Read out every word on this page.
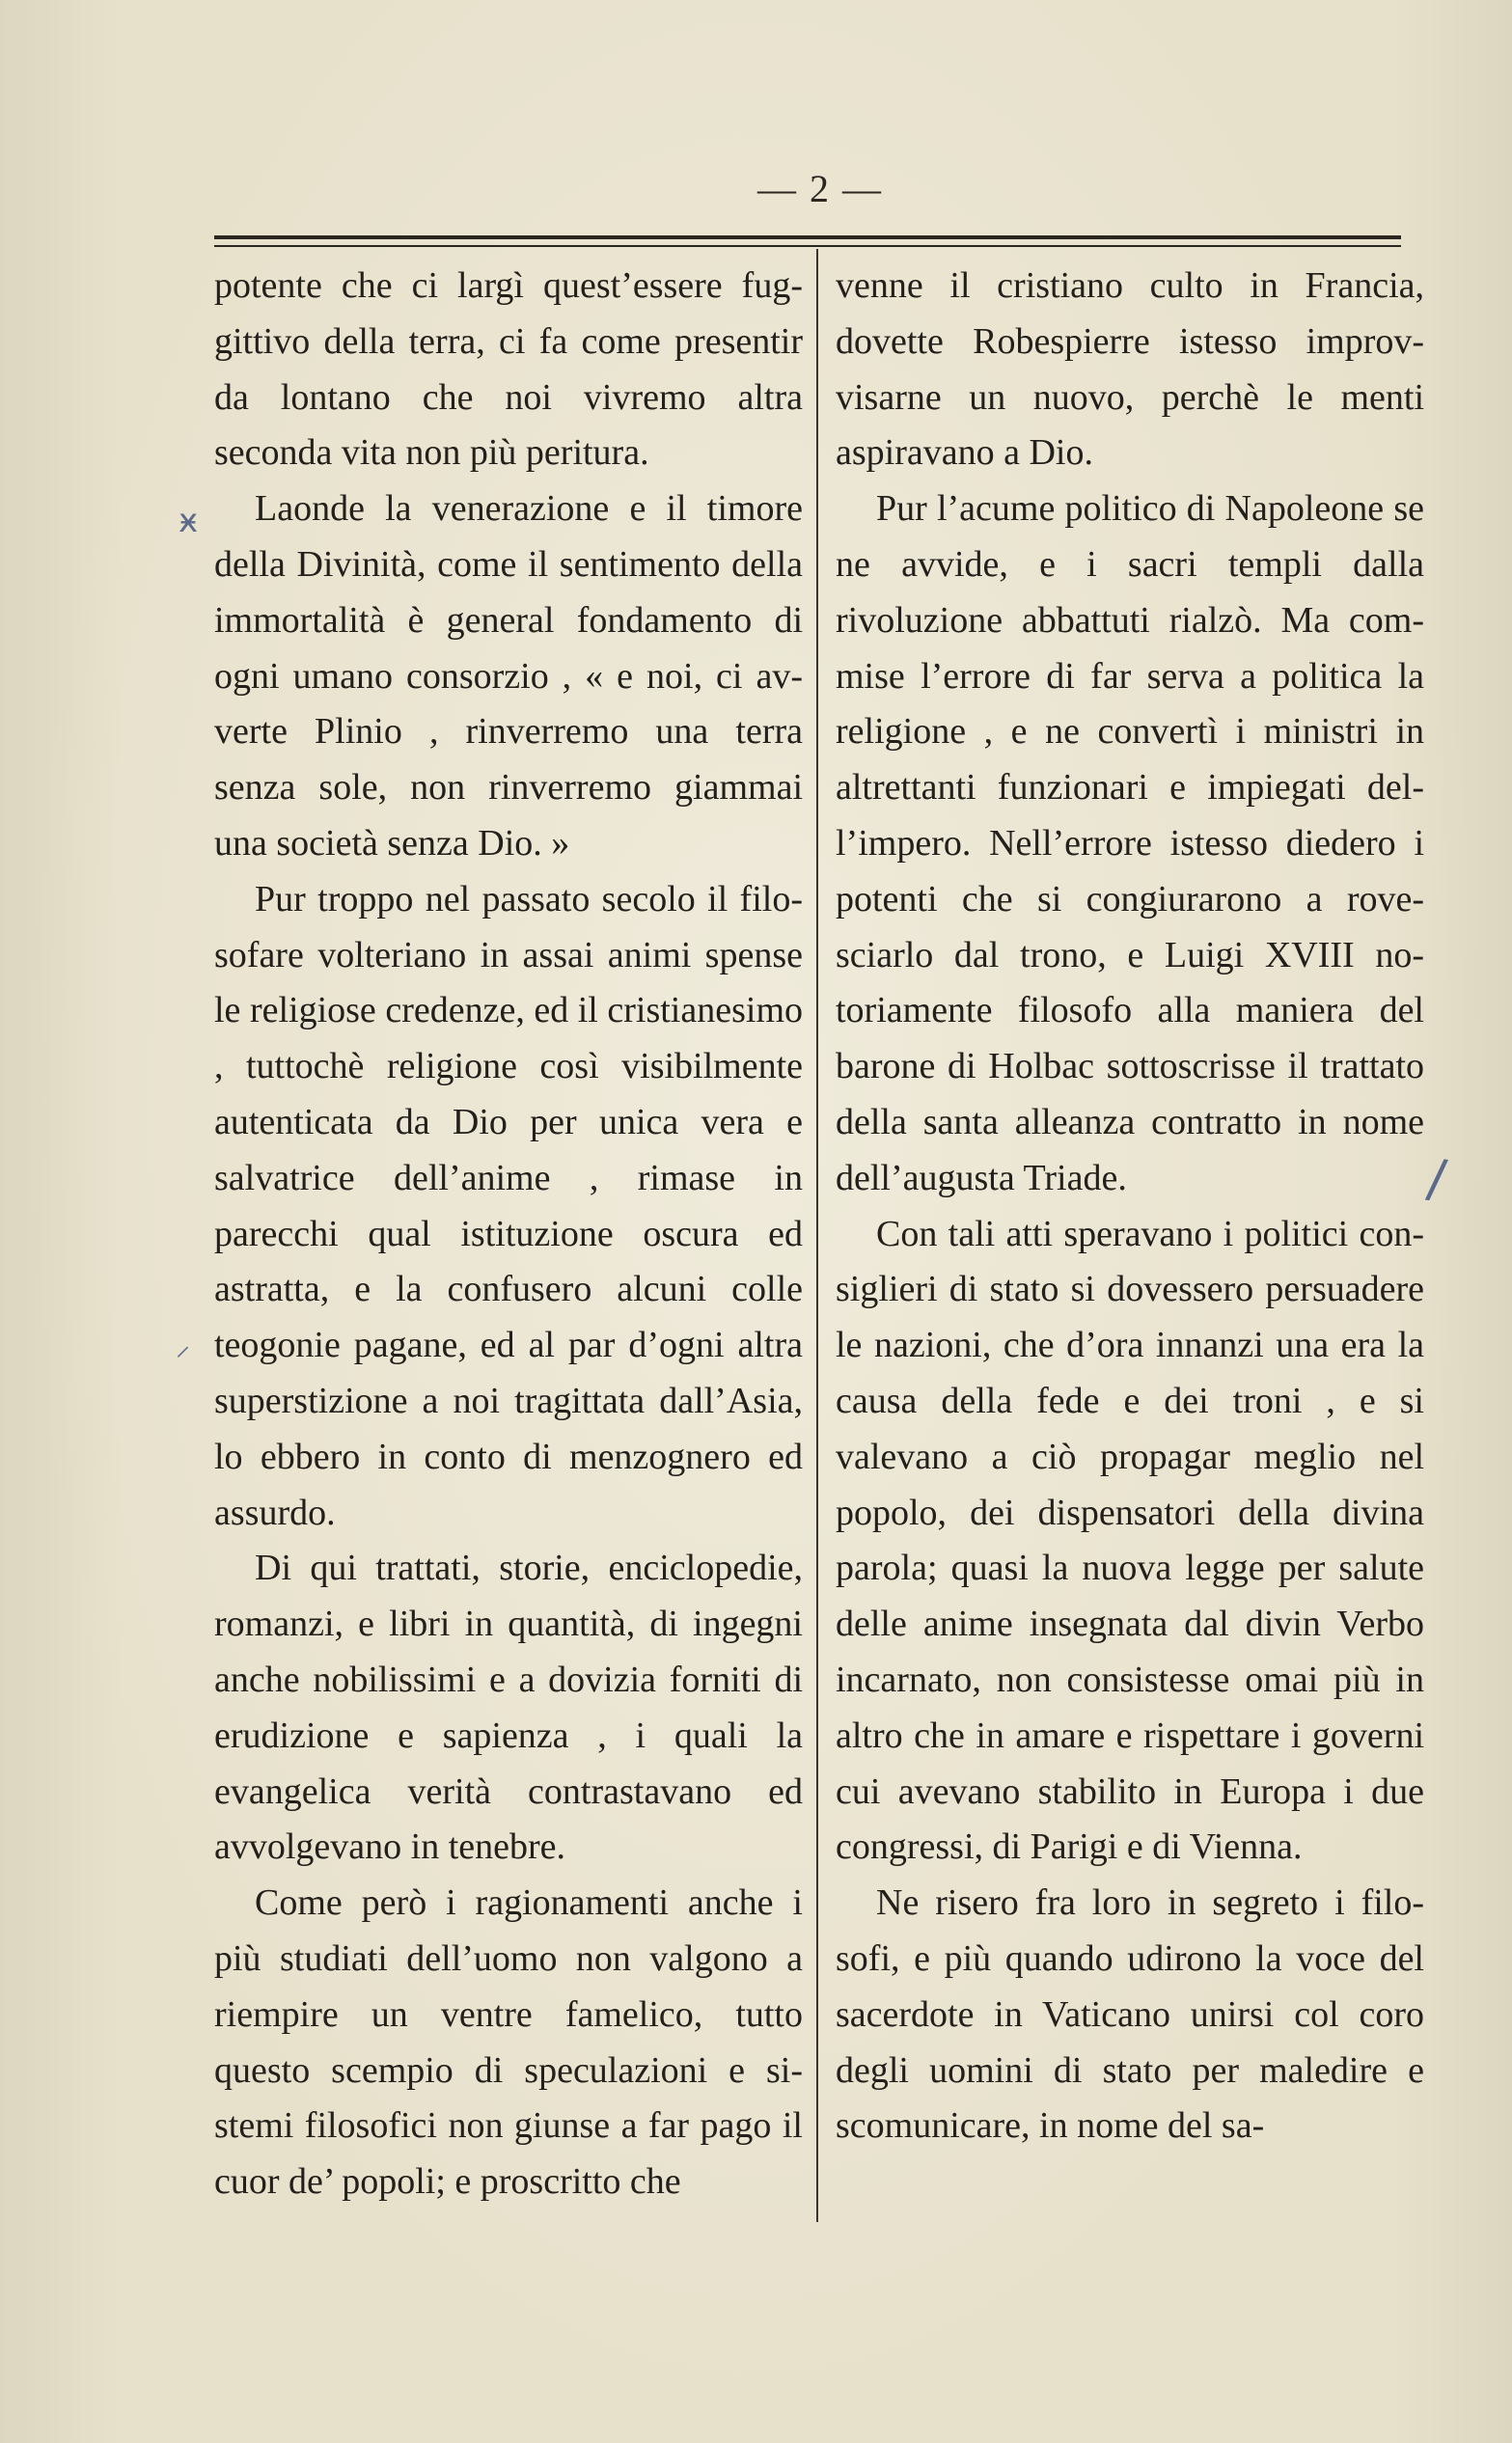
— 2 —

potente che ci largì quest’essere fuggittivo della terra, ci fa come presentir da lontano che noi vivremo altra seconda vita non più peritura.

Laonde la venerazione e il timore della Divinità, come il sentimento della immortalità è general fondamento di ogni umano consorzio , « e noi, ci avverte Plinio , rinverremo una terra senza sole, non rinverremo giammai una società senza Dio. »

Pur troppo nel passato secolo il filosofare volteriano in assai animi spense le religiose credenze, ed il cristianesimo , tuttochè religione così visibilmente autenticata da Dio per unica vera e salvatrice dell’anime , rimase in parecchi qual istituzione oscura ed astratta, e la confusero alcuni colle teogonie pagane, ed al par d’ogni altra superstizione a noi tragittata dall’Asia, lo ebbero in conto di menzognero ed assurdo.

Di qui trattati, storie, enciclopedie, romanzi, e libri in quantità, di ingegni anche nobilissimi e a dovizia forniti di erudizione e sapienza , i quali la evangelica verità contrastavano ed avvolgevano in tenebre.

Come però i ragionamenti anche i più studiati dell’uomo non valgono a riempire un ventre famelico, tutto questo scempio di speculazioni e sistemi filosofici non giunse a far pago il cuor de’ popoli; e proscritto che

venne il cristiano culto in Francia, dovette Robespierre istesso improvvisarne un nuovo, perchè le menti aspiravano a Dio.

Pur l’acume politico di Napoleone se ne avvide, e i sacri templi dalla rivoluzione abbattuti rialzò. Ma commise l’errore di far serva a politica la religione , e ne convertì i ministri in altrettanti funzionari e impiegati dell’impero. Nell’errore istesso diedero i potenti che si congiurarono a rovesciarlo dal trono, e Luigi XVIII notoriamente filosofo alla maniera del barone di Holbac sottoscrisse il trattato della santa alleanza contratto in nome dell’augusta Triade.

Con tali atti speravano i politici consiglieri di stato si dovessero persuadere le nazioni, che d’ora innanzi una era la causa della fede e dei troni , e si valevano a ciò propagar meglio nel popolo, dei dispensatori della divina parola; quasi la nuova legge per salute delle anime insegnata dal divin Verbo incarnato, non consistesse omai più in altro che in amare e rispettare i governi cui avevano stabilito in Europa i due congressi, di Parigi e di Vienna.

Ne risero fra loro in segreto i filosofi, e più quando udirono la voce del sacerdote in Vaticano unirsi col coro degli uomini di stato per maledire e scomunicare, in nome del sa-

ӿ
⸍
/
